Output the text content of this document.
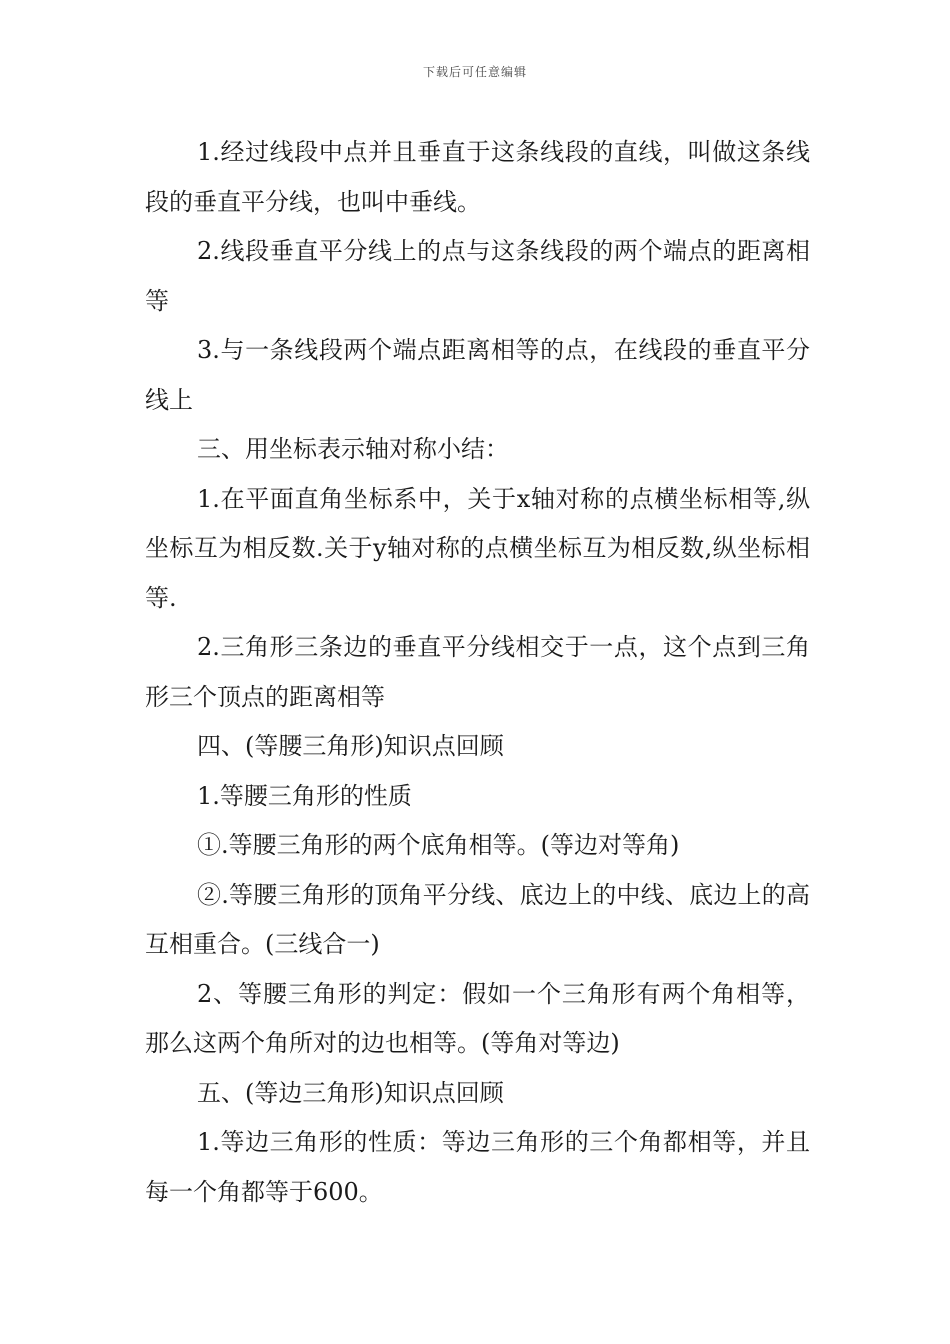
下载后可任意编辑

1.经过线段中点并且垂直于这条线段的直线，叫做这条线段的垂直平分线，也叫中垂线。

2.线段垂直平分线上的点与这条线段的两个端点的距离相等

3.与一条线段两个端点距离相等的点，在线段的垂直平分线上

三、用坐标表示轴对称小结：

1.在平面直角坐标系中，关于x轴对称的点横坐标相等,纵坐标互为相反数.关于y轴对称的点横坐标互为相反数,纵坐标相等.

2.三角形三条边的垂直平分线相交于一点，这个点到三角形三个顶点的距离相等

四、(等腰三角形)知识点回顾

1.等腰三角形的性质

①.等腰三角形的两个底角相等。(等边对等角)

②.等腰三角形的顶角平分线、底边上的中线、底边上的高互相重合。(三线合一)

2、等腰三角形的判定：假如一个三角形有两个角相等，那么这两个角所对的边也相等。(等角对等边)

五、(等边三角形)知识点回顾

1.等边三角形的性质：等边三角形的三个角都相等，并且每一个角都等于600。
